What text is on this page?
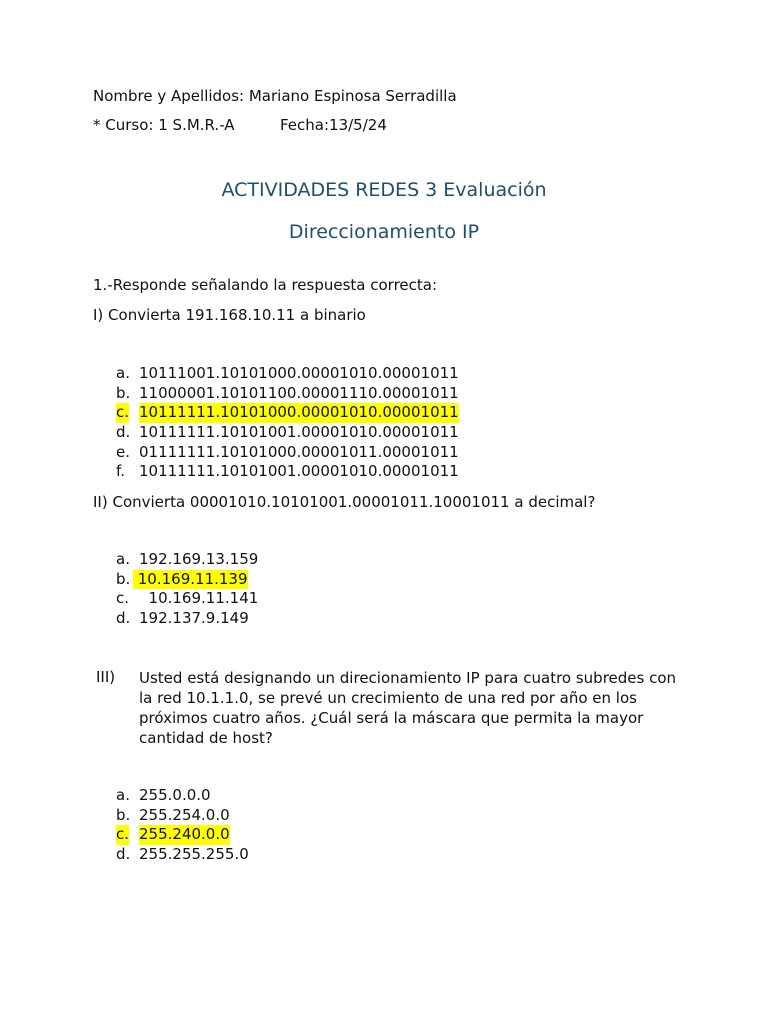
Nombre y Apellidos: Mariano Espinosa Serradilla
* Curso: 1 S.M.R.-A	Fecha:13/5/24
ACTIVIDADES REDES 3 Evaluación
Direccionamiento IP
1.-Responde señalando la respuesta correcta:
I) Convierta 191.168.10.11 a binario
a. 10111001.10101000.00001010.00001011
b. 11000001.10101100.00001110.00001011
c. 10111111.10101000.00001010.00001011
d. 10111111.10101001.00001010.00001011
e. 01111111.10101000.00001011.00001011
f. 10111111.10101001.00001010.00001011
II) Convierta 00001010.10101001.00001011.10001011 a decimal?
a. 192.169.13.159
b. 10.169.11.139
c. 10.169.11.141
d. 192.137.9.149
III) Usted está designando un direcionamiento IP para cuatro subredes con la red 10.1.1.0, se prevé un crecimiento de una red por año en los próximos cuatro años. ¿Cuál será la máscara que permita la mayor cantidad de host?
a. 255.0.0.0
b. 255.254.0.0
c. 255.240.0.0
d. 255.255.255.0
